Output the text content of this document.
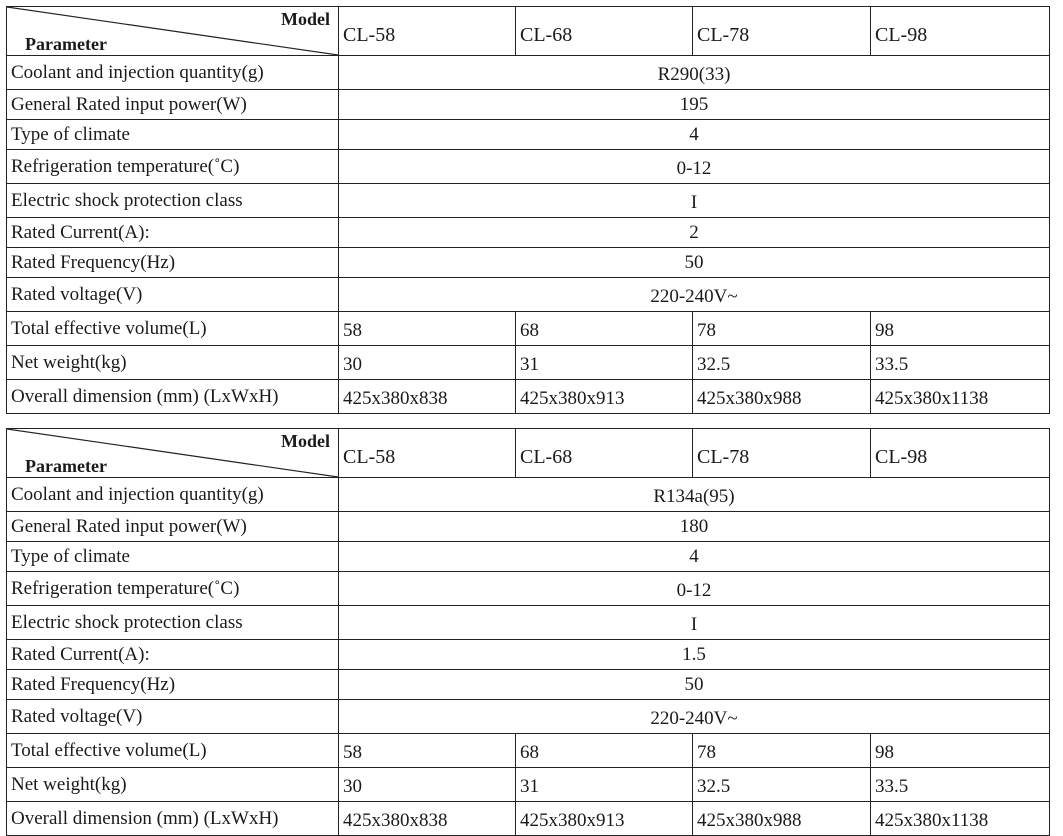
Model
Parameter	CL-58	CL-68	CL-78	CL-98
Coolant and injection quantity(g)	R290(33)			
General Rated input power(W)	195			
Type of climate	4			
Refrigeration temperature(˚C)	0-12			
Electric shock protection class	I			
Rated Current(A):	2			
Rated Frequency(Hz)	50			
Rated voltage(V)	220-240V~			
Total effective volume(L)	58	68	78	98
Net weight(kg)	30	31	32.5	33.5
Overall dimension (mm) (LxWxH)	425x380x838	425x380x913	425x380x988	425x380x1138
Model
Parameter	CL-58	CL-68	CL-78	CL-98
Coolant and injection quantity(g)	R134a(95)			
General Rated input power(W)	180			
Type of climate	4			
Refrigeration temperature(˚C)	0-12			
Electric shock protection class	I			
Rated Current(A):	1.5			
Rated Frequency(Hz)	50			
Rated voltage(V)	220-240V~			
Total effective volume(L)	58	68	78	98
Net weight(kg)	30	31	32.5	33.5
Overall dimension (mm) (LxWxH)	425x380x838	425x380x913	425x380x988	425x380x1138
